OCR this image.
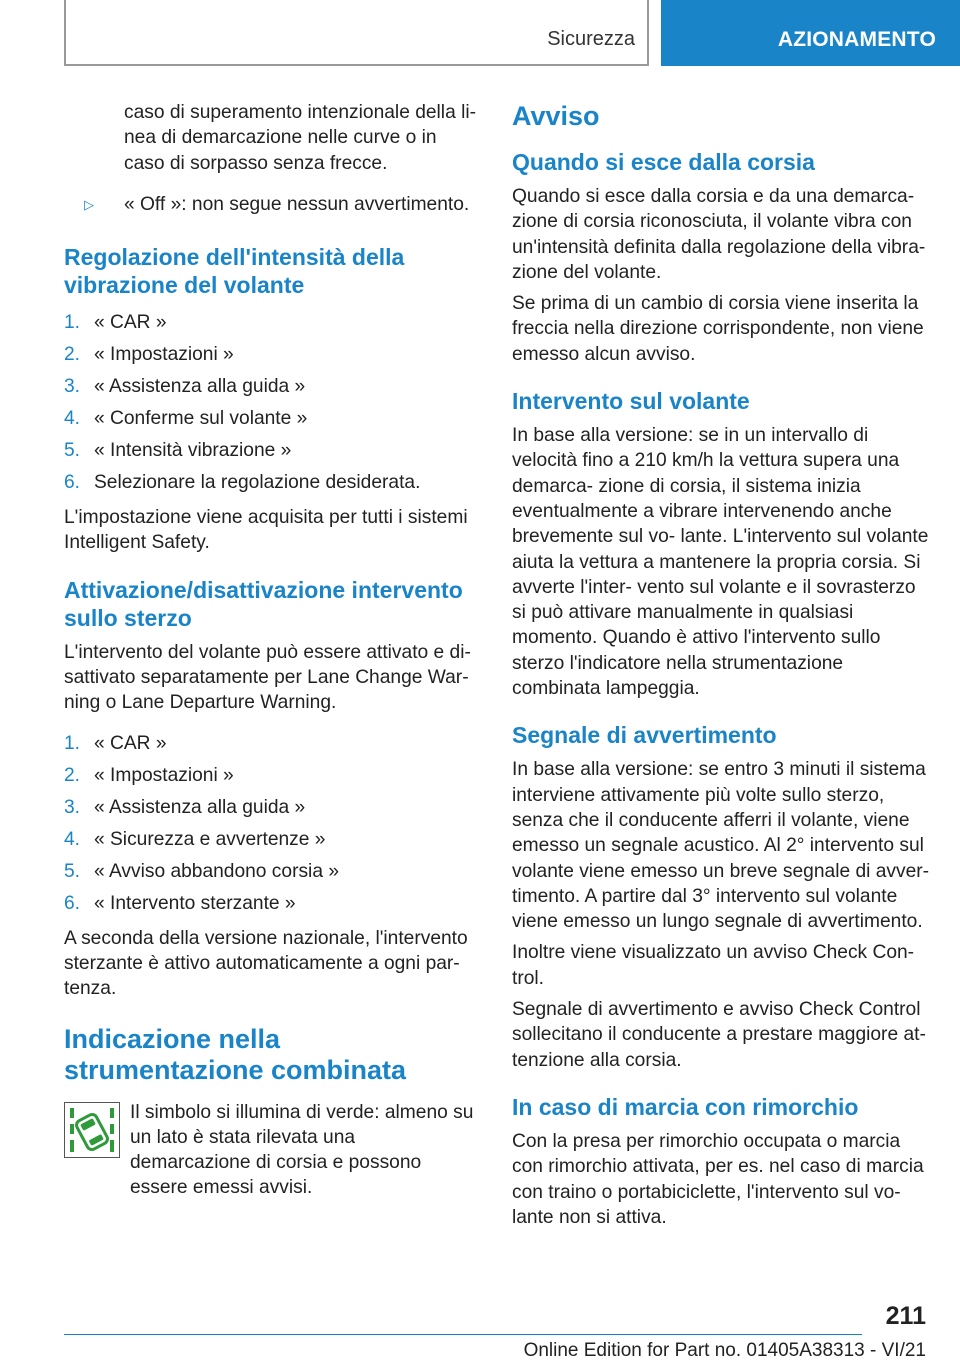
Sicurezza	AZIONAMENTO

caso di superamento intenzionale della li‐ nea di demarcazione nelle curve o in caso di sorpasso senza frecce.

▷	« Off »: non segue nessun avvertimento.
Regolazione dell'intensità della vibrazione del volante
1. « CAR »
2. « Impostazioni »
3. « Assistenza alla guida »
4. « Conferme sul volante »
5. « Intensità vibrazione »
6. Selezionare la regolazione desiderata.

L'impostazione viene acquisita per tutti i sistemi Intelligent Safety.

Attivazione/disattivazione intervento sullo sterzo

L'intervento del volante può essere attivato e di‐ sattivato separatamente per Lane Change War‐ ning o Lane Departure Warning.

1. « CAR »
2. « Impostazioni »
3. « Assistenza alla guida »
4. « Sicurezza e avvertenze »
5. « Avviso abbandono corsia »
6. « Intervento sterzante »

A seconda della versione nazionale, l'intervento sterzante è attivo automaticamente a ogni par‐ tenza.

Indicazione nella strumentazione combinata

Il simbolo si illumina di verde: almeno su un lato è stata rilevata una demarcazione di corsia e possono essere emessi avvisi.

Avviso
Quando si esce dalla corsia

Quando si esce dalla corsia e da una demarca‐ zione di corsia riconosciuta, il volante vibra con un'intensità definita dalla regolazione della vibra‐ zione del volante.

Se prima di un cambio di corsia viene inserita la freccia nella direzione corrispondente, non viene emesso alcun avviso.

Intervento sul volante

In base alla versione: se in un intervallo di velocità fino a 210 km/h la vettura supera una demarca‐ zione di corsia, il sistema inizia eventualmente a vibrare intervenendo anche brevemente sul vo‐ lante. L'intervento sul volante aiuta la vettura a mantenere la propria corsia. Si avverte l'inter‐ vento sul volante e il sovrasterzo si può attivare manualmente in qualsiasi momento. Quando è attivo l'intervento sullo sterzo l'indicatore nella strumentazione combinata lampeggia.

Segnale di avvertimento

In base alla versione: se entro 3 minuti il sistema interviene attivamente più volte sullo sterzo, senza che il conducente afferri il volante, viene emesso un segnale acustico. Al 2° intervento sul volante viene emesso un breve segnale di avver‐ timento. A partire dal 3° intervento sul volante viene emesso un lungo segnale di avvertimento.

Inoltre viene visualizzato un avviso Check Con‐ trol.

Segnale di avvertimento e avviso Check Control sollecitano il conducente a prestare maggiore at‐ tenzione alla corsia.

In caso di marcia con rimorchio

Con la presa per rimorchio occupata o marcia con rimorchio attivata, per es. nel caso di marcia con traino o portabiciclette, l'intervento sul vo‐ lante non si attiva.

211
Online Edition for Part no. 01405A38313 - VI/21
